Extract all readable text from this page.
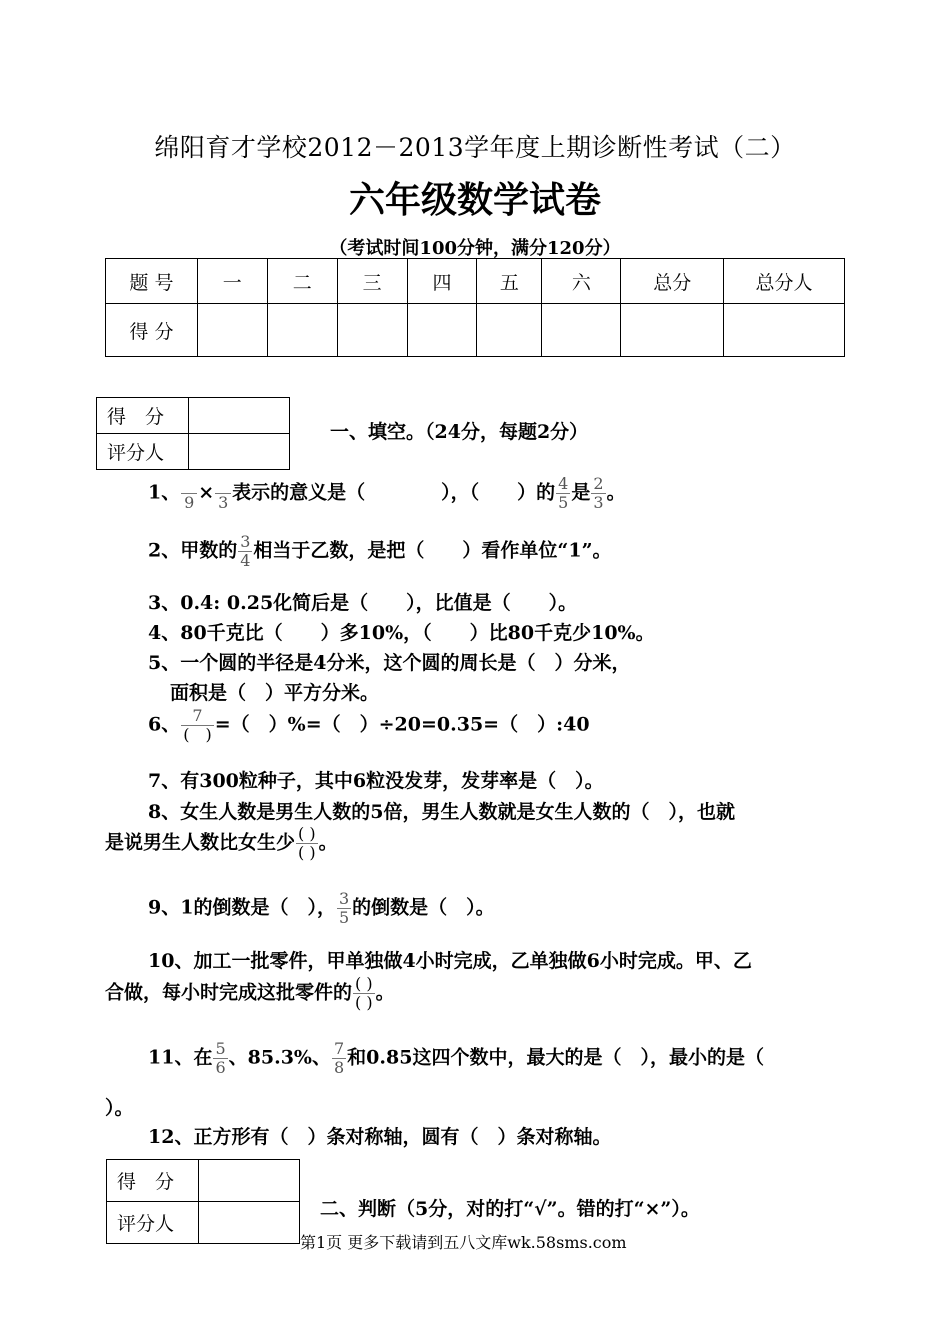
绵阳育才学校2012－2013学年度上期诊断性考试（二）
六年级数学试卷
（考试时间100分钟，满分120分）
题 号	一	二	三	四	五	六	总分	总分人
得 分								
得　分	
评分人	
一、填空。（24分，每题2分）
1、 9 × 3 表示的意义是（　　　　），（　　）的 $\frac{4}{5}$ 是 $\frac{2}{3}$ 。
2、甲数的 $\frac{3}{4}$ 相当于乙数，是把（　　）看作单位“1”。
3、0.4: 0.25化简后是（　　），比值是（　　）。
4、80千克比（　　）多10%，（　　）比80千克少10%。
5、一个圆的半径是4分米，这个圆的周长是（　）分米，
面积是（　）平方分米。
6、 $\frac{7}{( )}$ =（　）%=（　）÷20=0.35=（　）:40
7、有300粒种子，其中6粒没发芽，发芽率是（　）。
8、女生人数是男生人数的5倍，男生人数就是女生人数的（　），也就
是说男生人数比女生少 $\frac{( )}{( )}$ 。
9、1的倒数是（　）， $\frac{3}{5}$ 的倒数是（　）。
10、加工一批零件，甲单独做4小时完成，乙单独做6小时完成。甲、乙
合做，每小时完成这批零件的 $\frac{( )}{( )}$ 。
11、在 $\frac{5}{6}$ 、85.3%、 $\frac{7}{8}$ 和0.85这四个数中，最大的是（　），最小的是（
）。
12、正方形有（　）条对称轴，圆有（　）条对称轴。
得　分	
评分人	
二、判断（5分，对的打“√”。错的打“×”）。
第1页 更多下载请到五八文库wk.58sms.com
